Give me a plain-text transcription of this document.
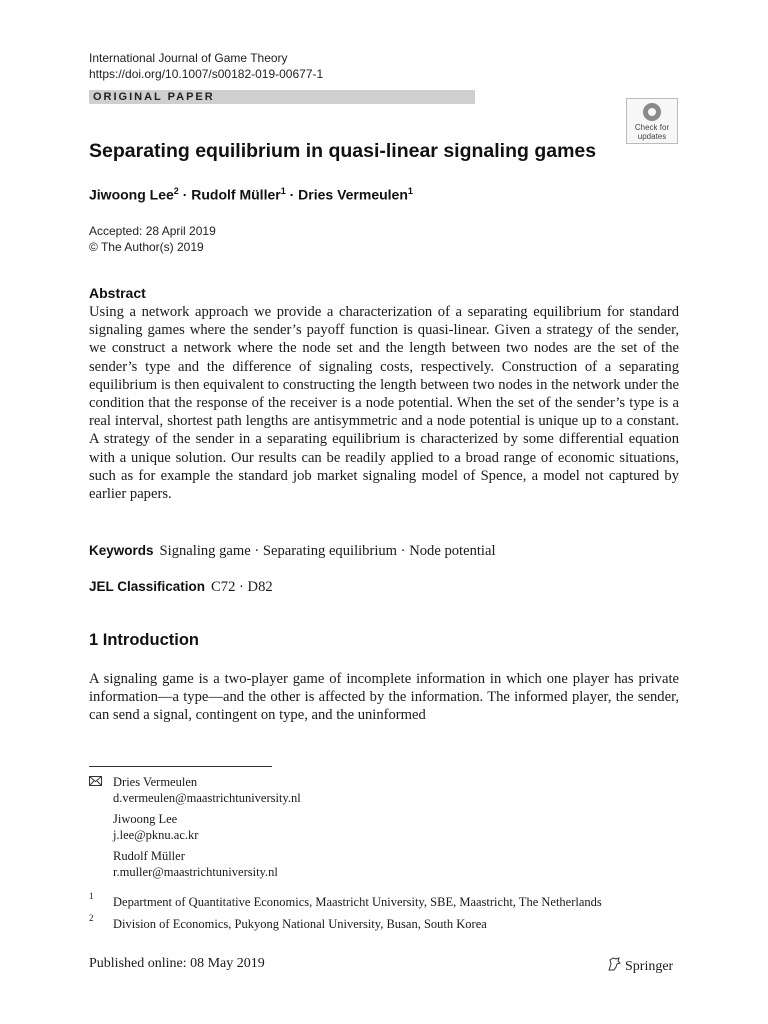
International Journal of Game Theory
https://doi.org/10.1007/s00182-019-00677-1
ORIGINAL PAPER
Check for
updates
Separating equilibrium in quasi-linear signaling games
Jiwoong Lee$^2$ · Rudolf Müller$^1$ · Dries Vermeulen$^1$
Accepted: 28 April 2019
© The Author(s) 2019
Abstract
Using a network approach we provide a characterization of a separating equilibrium for standard signaling games where the sender’s payoff function is quasi-linear. Given a strategy of the sender, we construct a network where the node set and the length between two nodes are the set of the sender’s type and the difference of signaling costs, respectively. Construction of a separating equilibrium is then equivalent to constructing the length between two nodes in the network under the condition that the response of the receiver is a node potential. When the set of the sender’s type is a real interval, shortest path lengths are antisymmetric and a node potential is unique up to a constant. A strategy of the sender in a separating equilibrium is characterized by some differential equation with a unique solution. Our results can be readily applied to a broad range of economic situations, such as for example the standard job market signaling model of Spence, a model not captured by earlier papers.
Keywords Signaling game · Separating equilibrium · Node potential
JEL Classification C72 · D82
1 Introduction
A signaling game is a two-player game of incomplete information in which one player has private information—a type—and the other is affected by the information. The informed player, the sender, can send a signal, contingent on type, and the uninformed
Dries Vermeulen
d.vermeulen@maastrichtuniversity.nl
Jiwoong Lee
j.lee@pknu.ac.kr
Rudolf Müller
r.muller@maastrichtuniversity.nl
1 Department of Quantitative Economics, Maastricht University, SBE, Maastricht, The Netherlands
2 Division of Economics, Pukyong National University, Busan, South Korea
Published online: 08 May 2019	Springer
